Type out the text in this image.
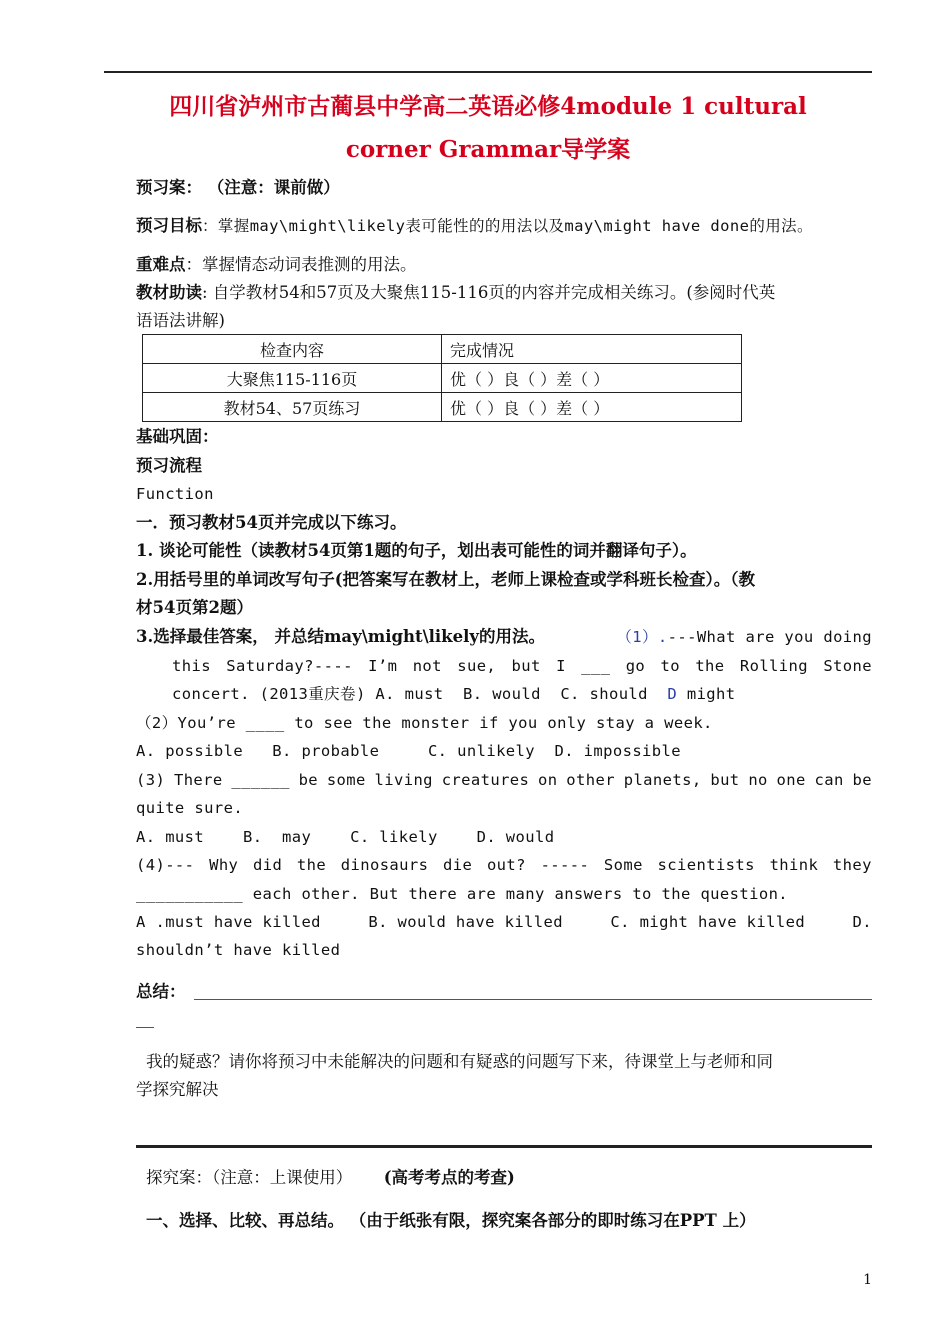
四川省泸州市古蔺县中学高二英语必修4module 1 cultural
corner Grammar导学案
预习案： （注意：课前做）
预习目标：掌握may\might\likely表可能性的的用法以及may\might have done的用法。
重难点：掌握情态动词表推测的用法。
教材助读: 自学教材54和57页及大聚焦115-116页的内容并完成相关练习。(参阅时代英
语语法讲解)
检查内容	完成情况
大聚焦115-116页	优（ ）良（ ）差（ ）
教材54、57页练习	优（ ）良（ ）差（ ）
基础巩固：
预习流程
Function
一．预习教材54页并完成以下练习。
1. 谈论可能性（读教材54页第1题的句子，划出表可能性的词并翻译句子）。
2.用括号里的单词改写句子(把答案写在教材上，老师上课检查或学科班长检查）。（教
材54页第2题）
3.选择最佳答案， 并总结may\might\likely的用法。	（1）.---What are you doing
this Saturday?---- I’m not sue, but I ___ go to the Rolling Stone
concert. (2013重庆卷) A. must  B. would  C. should  D might
（2）You’re ____ to see the monster if you only stay a week.
A. possible   B. probable     C. unlikely  D. impossible
(3) There ______ be some living creatures on other planets, but no one can be
quite sure.
A. must    B.  may    C. likely    D. would
(4)--- Why did the dinosaurs die out? ----- Some scientists think they
___________ each other. But there are many answers to the question.
A .must have killed	B. would have killed	C. might have killed	D.
shouldn’t have killed
总结：
我的疑惑？请你将预习中未能解决的问题和有疑惑的问题写下来，待课堂上与老师和同
学探究解决
探究案：（注意：上课使用） (高考考点的考查)
一、选择、比较、再总结。 （由于纸张有限，探究案各部分的即时练习在PPT 上）
1
